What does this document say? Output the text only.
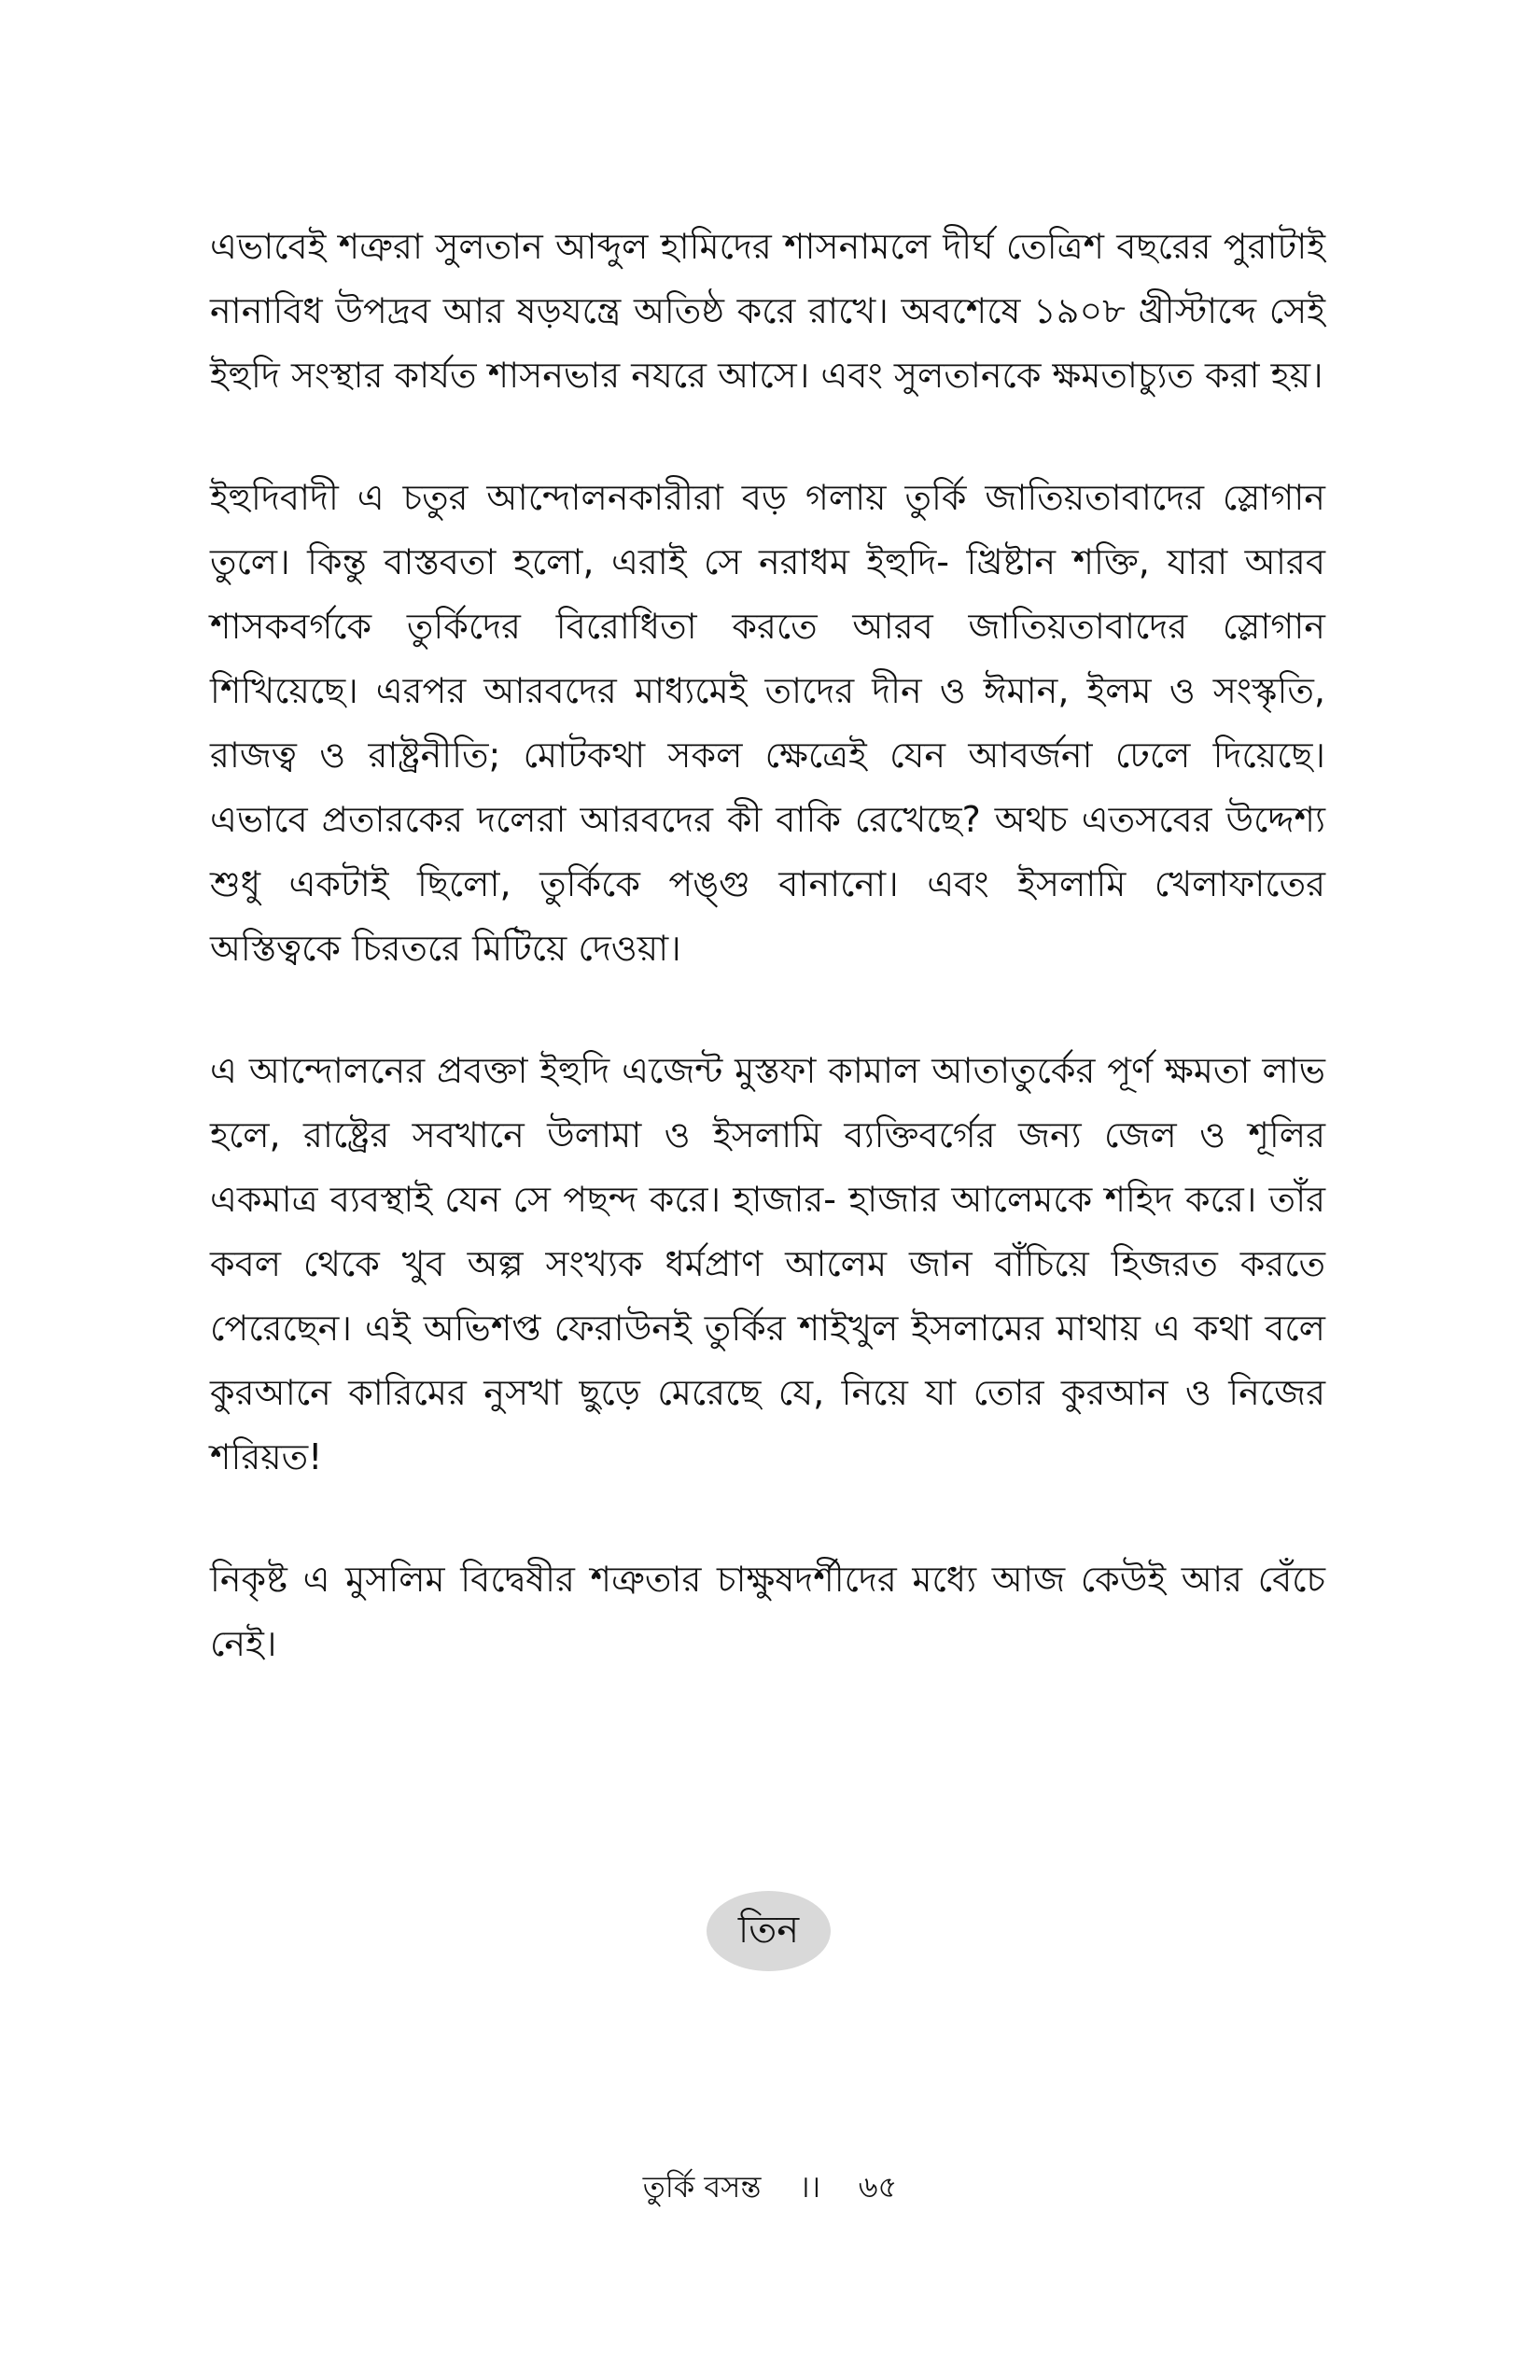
এভাবেই শত্রুরা সুলতান আব্দুল হামিদের শাসনামলে দীর্ঘ তেত্রিশ বছরের পুরাটাই নানাবিধ উপদ্রব আর ষড়যন্ত্রে অতিষ্ঠ করে রাখে। অবশেষে ১৯০৮ খ্রীস্টাব্দে সেই ইহুদি সংস্থার কার্যত শাসনভার নযরে আসে। এবং সুলতানকে ক্ষমতাচ্যুত করা হয়।

ইহুদিবাদী এ চতুর আন্দোলনকারীরা বড় গলায় তুর্কি জাতিয়তাবাদের স্লোগান তুলে। কিন্তু বাস্তবতা হলো, এরাই সে নরাধম ইহুদি- খ্রিষ্টান শক্তি, যারা আরব শাসকবর্গকে তুর্কিদের বিরোধিতা করতে আরব জাতিয়তাবাদের স্লোগান শিখিয়েছে। এরপর আরবদের মাধ্যমেই তাদের দীন ও ঈমান, ইলম ও সংস্কৃতি, রাজত্ব ও রাষ্ট্রনীতি; মোটকথা সকল ক্ষেত্রেই যেন আবর্জনা ঢেলে দিয়েছে। এভাবে প্রতারকের দলেরা আরবদের কী বাকি রেখেছে? অথচ এতসবের উদ্দেশ্য শুধু একটাই ছিলো, তুর্কিকে পঙ্গু বানানো। এবং ইসলামি খেলাফাতের অস্তিত্বকে চিরতরে মিটিয়ে দেওয়া।

এ আন্দোলনের প্রবক্তা ইহুদি এজেন্ট মুস্তফা কামাল আতাতুর্কের পূর্ণ ক্ষমতা লাভ হলে, রাষ্ট্রের সবখানে উলামা ও ইসলামি ব্যক্তিবর্গের জন্য জেল ও শূলির একমাত্র ব্যবস্থাই যেন সে পছন্দ করে। হাজার- হাজার আলেমকে শহিদ করে। তাঁর কবল থেকে খুব অল্প সংখ্যক ধর্মপ্রাণ আলেম জান বাঁচিয়ে হিজরত করতে পেরেছেন। এই অভিশপ্ত ফেরাউনই তুর্কির শাইখুল ইসলামের মাথায় এ কথা বলে কুরআনে কারিমের নুসখা ছুড়ে মেরেছে যে, নিয়ে যা তোর কুরআন ও নিজের শরিয়ত!

নিকৃষ্ট এ মুসলিম বিদ্বেষীর শত্রুতার চাক্ষুষদর্শীদের মধ্যে আজ কেউই আর বেঁচে নেই।

তিন
তুর্কি বসন্ত ।। ৬৫
